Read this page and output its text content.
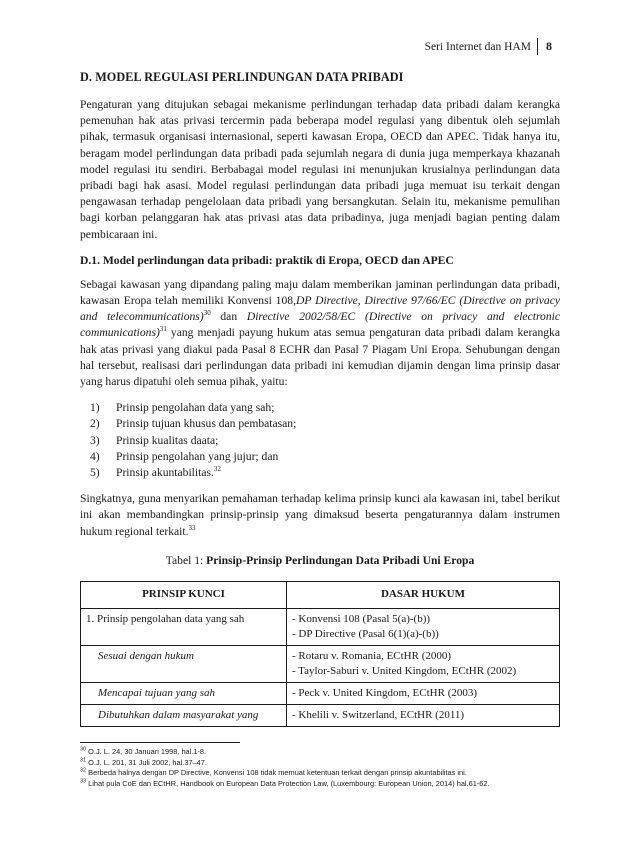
Seri Internet dan HAM	8
D. MODEL REGULASI PERLINDUNGAN DATA PRIBADI

Pengaturan yang ditujukan sebagai mekanisme perlindungan terhadap data pribadi dalam kerangka pemenuhan hak atas privasi tercermin pada beberapa model regulasi yang dibentuk oleh sejumlah pihak, termasuk organisasi internasional, seperti kawasan Eropa, OECD dan APEC. Tidak hanya itu, beragam model perlindungan data pribadi pada sejumlah negara di dunia juga memperkaya khazanah model regulasi itu sendiri. Berbabagai model regulasi ini menunjukan krusialnya perlindungan data pribadi bagi hak asasi. Model regulasi perlindungan data pribadi juga memuat isu terkait dengan pengawasan terhadap pengelolaan data pribadi yang bersangkutan. Selain itu, mekanisme pemulihan bagi korban pelanggaran hak atas privasi atas data pribadinya, juga menjadi bagian penting dalam pembicaraan ini.

D.1. Model perlindungan data pribadi: praktik di Eropa, OECD dan APEC

Sebagai kawasan yang dipandang paling maju dalam memberikan jaminan perlindungan data pribadi, kawasan Eropa telah memiliki Konvensi 108,DP Directive, Directive 97/66/EC (Directive on privacy and telecommunications)$^{30}$ dan Directive 2002/58/EC (Directive on privacy and electronic communications)$^{31}$ yang menjadi payung hukum atas semua pengaturan data pribadi dalam kerangka hak atas privasi yang diakui pada Pasal 8 ECHR dan Pasal 7 Piagam Uni Eropa. Sehubungan dengan hal tersebut, realisasi dari perlindungan data pribadi ini kemudian dijamin dengan lima prinsip dasar yang harus dipatuhi oleh semua pihak, yaitu:

1)	Prinsip pengolahan data yang sah;
2)	Prinsip tujuan khusus dan pembatasan;
3)	Prinsip kualitas daata;
4)	Prinsip pengolahan yang jujur; dan
5)	Prinsip akuntabilitas.$^{32}$

Singkatnya, guna menyarikan pemahaman terhadap kelima prinsip kunci ala kawasan ini, tabel berikut ini akan membandingkan prinsip-prinsip yang dimaksud beserta pengaturannya dalam instrumen hukum regional terkait.$^{33}$

Tabel 1: Prinsip-Prinsip Perlindungan Data Pribadi Uni Eropa
PRINSIP KUNCI	DASAR HUKUM
1. Prinsip pengolahan data yang sah	- Konvensi 108 (Pasal 5(a)-(b))
- DP Directive (Pasal 6(1)(a)-(b))

Sesuai dengan hukum	- Rotaru v. Romania, ECtHR (2000)
- Taylor-Saburi v. United Kingdom, ECtHR (2002)

Mencapai tujuan yang sah	- Peck v. United Kingdom, ECtHR (2003)

Dibutuhkan dalam masyarakat yang	- Khelili v. Switzerland, ECtHR (2011)

$^{30}$ O.J. L. 24, 30 Januari 1998, hal.1-8.

$^{31}$ O.J. L. 201, 31 Juli 2002, hal.37–47.

$^{32}$ Berbeda halnya dengan DP Directive, Konvensi 108 tidak memuat ketentuan terkait dengan prinsip akuntabilitas ini.

$^{33}$ Lihat pula CoE dan ECtHR, Handbook on European Data Protection Law, (Luxembourg: European Union, 2014) hal.61-62.
